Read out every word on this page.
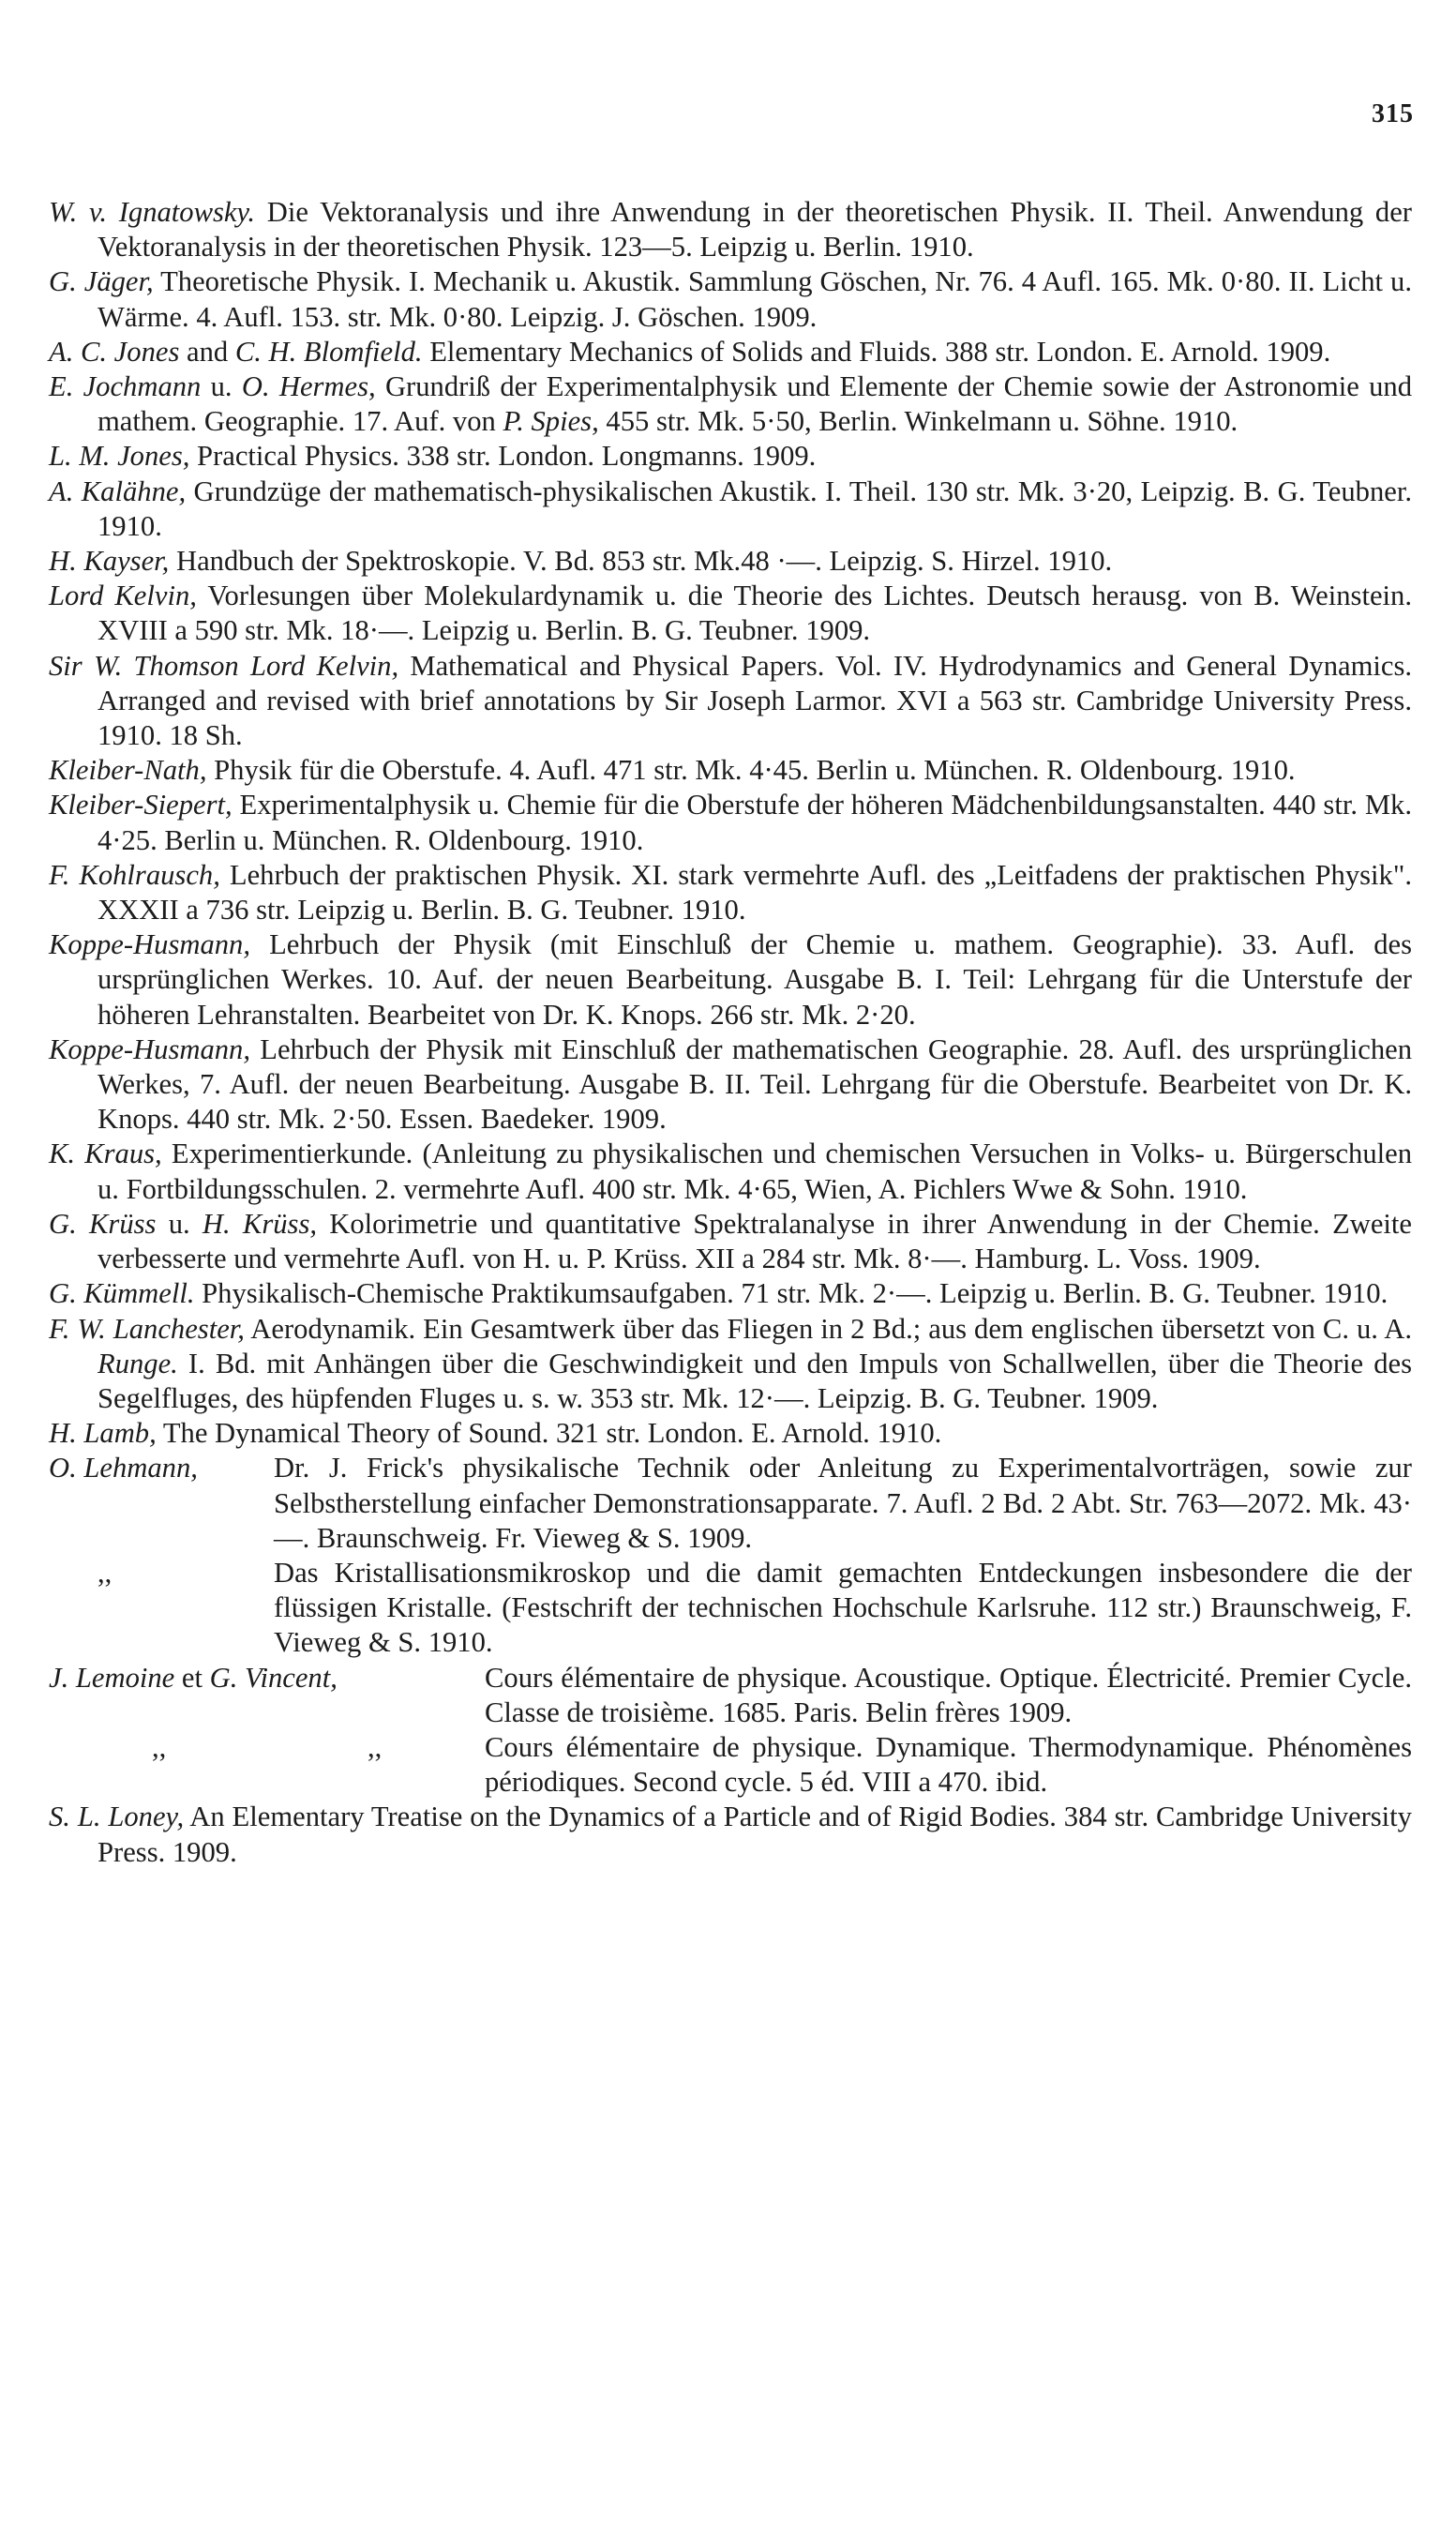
315
W. v. Ignatowsky. Die Vektoranalysis und ihre Anwendung in der theoretischen Physik. II. Theil. Anwendung der Vektoranalysis in der theoretischen Physik. 123—5. Leipzig u. Berlin. 1910.
G. Jäger, Theoretische Physik. I. Mechanik u. Akustik. Sammlung Göschen, Nr. 76. 4 Aufl. 165. Mk. 0·80. II. Licht u. Wärme. 4. Aufl. 153. str. Mk. 0·80. Leipzig. J. Göschen. 1909.
A. C. Jones and C. H. Blomfield. Elementary Mechanics of Solids and Fluids. 388 str. London. E. Arnold. 1909.
E. Jochmann u. O. Hermes, Grundriß der Experimentalphysik und Elemente der Chemie sowie der Astronomie und mathem. Geographie. 17. Auf. von P. Spies, 455 str. Mk. 5·50, Berlin. Winkelmann u. Söhne. 1910.
L. M. Jones, Practical Physics. 338 str. London. Longmanns. 1909.
A. Kalähne, Grundzüge der mathematisch-physikalischen Akustik. I. Theil. 130 str. Mk. 3·20, Leipzig. B. G. Teubner. 1910.
H. Kayser, Handbuch der Spektroskopie. V. Bd. 853 str. Mk.48 ·—. Leipzig. S. Hirzel. 1910.
Lord Kelvin, Vorlesungen über Molekulardynamik u. die Theorie des Lichtes. Deutsch herausg. von B. Weinstein. XVIII a 590 str. Mk. 18·—. Leipzig u. Berlin. B. G. Teubner. 1909.
Sir W. Thomson Lord Kelvin, Mathematical and Physical Papers. Vol. IV. Hydrodynamics and General Dynamics. Arranged and revised with brief annotations by Sir Joseph Larmor. XVI a 563 str. Cambridge University Press. 1910. 18 Sh.
Kleiber-Nath, Physik für die Oberstufe. 4. Aufl. 471 str. Mk. 4·45. Berlin u. München. R. Oldenbourg. 1910.
Kleiber-Siepert, Experimentalphysik u. Chemie für die Oberstufe der höheren Mädchenbildungsanstalten. 440 str. Mk. 4·25. Berlin u. München. R. Oldenbourg. 1910.
F. Kohlrausch, Lehrbuch der praktischen Physik. XI. stark vermehrte Aufl. des „Leitfadens der praktischen Physik". XXXII a 736 str. Leipzig u. Berlin. B. G. Teubner. 1910.
Koppe-Husmann, Lehrbuch der Physik (mit Einschluß der Chemie u. mathem. Geographie). 33. Aufl. des ursprünglichen Werkes. 10. Auf. der neuen Bearbeitung. Ausgabe B. I. Teil: Lehrgang für die Unterstufe der höheren Lehranstalten. Bearbeitet von Dr. K. Knops. 266 str. Mk. 2·20.
Koppe-Husmann, Lehrbuch der Physik mit Einschluß der mathematischen Geographie. 28. Aufl. des ursprünglichen Werkes, 7. Aufl. der neuen Bearbeitung. Ausgabe B. II. Teil. Lehrgang für die Oberstufe. Bearbeitet von Dr. K. Knops. 440 str. Mk. 2·50. Essen. Baedeker. 1909.
K. Kraus, Experimentierkunde. (Anleitung zu physikalischen und chemischen Versuchen in Volks- u. Bürgerschulen u. Fortbildungsschulen. 2. vermehrte Aufl. 400 str. Mk. 4·65, Wien, A. Pichlers Wwe & Sohn. 1910.
G. Krüss u. H. Krüss, Kolorimetrie und quantitative Spektralanalyse in ihrer Anwendung in der Chemie. Zweite verbesserte und vermehrte Aufl. von H. u. P. Krüss. XII a 284 str. Mk. 8·—. Hamburg. L. Voss. 1909.
G. Kümmell. Physikalisch-Chemische Praktikumsaufgaben. 71 str. Mk. 2·—. Leipzig u. Berlin. B. G. Teubner. 1910.
F. W. Lanchester, Aerodynamik. Ein Gesamtwerk über das Fliegen in 2 Bd.; aus dem englischen übersetzt von C. u. A. Runge. I. Bd. mit Anhängen über die Geschwindigkeit und den Impuls von Schallwellen, über die Theorie des Segelfluges, des hüpfenden Fluges u. s. w. 353 str. Mk. 12·—. Leipzig. B. G. Teubner. 1909.
H. Lamb, The Dynamical Theory of Sound. 321 str. London. E. Arnold. 1910.
O. Lehmann,	Dr. J. Frick's physikalische Technik oder Anleitung zu Experimentalvorträgen, sowie zur Selbstherstellung einfacher Demonstrationsapparate. 7. Aufl. 2 Bd. 2 Abt. Str. 763—2072. Mk. 43·—. Braunschweig. Fr. Vieweg & S. 1909.
,,	Das Kristallisationsmikroskop und die damit gemachten Entdeckungen insbesondere die der flüssigen Kristalle. (Festschrift der technischen Hochschule Karlsruhe. 112 str.) Braunschweig, F. Vieweg & S. 1910.
J. Lemoine et G. Vincent,	Cours élémentaire de physique. Acoustique. Optique. Électricité. Premier Cycle. Classe de troisième. 1685. Paris. Belin frères 1909.
,,	,,	Cours élémentaire de physique. Dynamique. Thermodynamique. Phénomènes périodiques. Second cycle. 5 éd. VIII a 470. ibid.
S. L. Loney, An Elementary Treatise on the Dynamics of a Particle and of Rigid Bodies. 384 str. Cambridge University Press. 1909.
